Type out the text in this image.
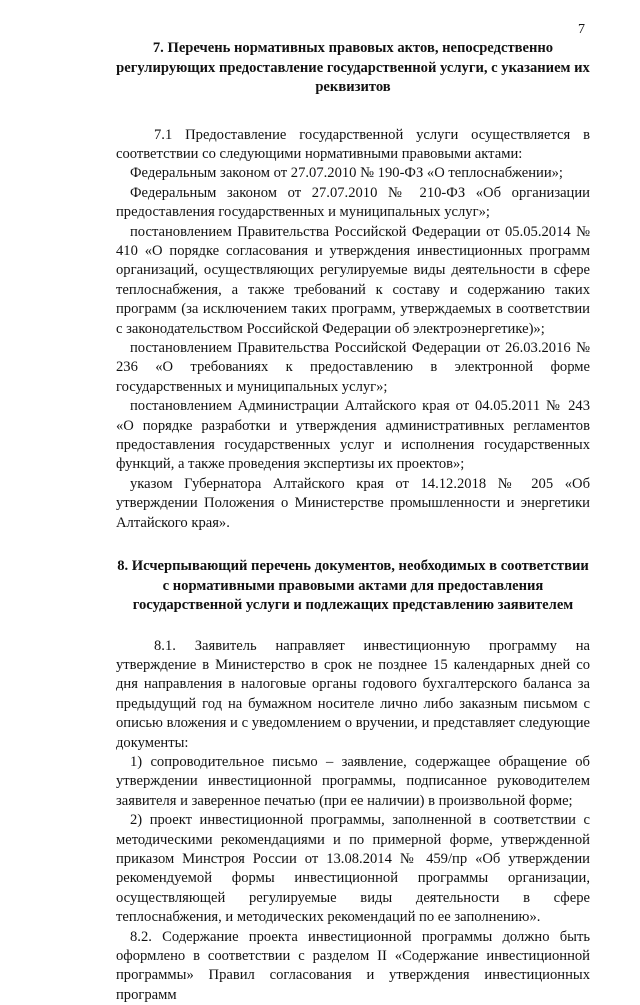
7
7. Перечень нормативных правовых актов, непосредственно регулирующих предоставление государственной услуги, с указанием их реквизитов

7.1 Предоставление государственной услуги осуществляется в соответствии со следующими нормативными правовыми актами:

Федеральным законом от 27.07.2010 № 190-ФЗ «О теплоснабжении»;

Федеральным законом от 27.07.2010 № 210-ФЗ «Об организации предоставления государственных и муниципальных услуг»;

постановлением Правительства Российской Федерации от 05.05.2014 № 410 «О порядке согласования и утверждения инвестиционных программ организаций, осуществляющих регулируемые виды деятельности в сфере теплоснабжения, а также требований к составу и содержанию таких программ (за исключением таких программ, утверждаемых в соответствии с законодательством Российской Федерации об электроэнергетике)»;

постановлением Правительства Российской Федерации от 26.03.2016 № 236 «О требованиях к предоставлению в электронной форме государственных и муниципальных услуг»;

постановлением Администрации Алтайского края от 04.05.2011 № 243 «О порядке разработки и утверждения административных регламентов предоставления государственных услуг и исполнения государственных функций, а также проведения экспертизы их проектов»;

указом Губернатора Алтайского края от 14.12.2018 № 205 «Об утверждении Положения о Министерстве промышленности и энергетики Алтайского края».

8. Исчерпывающий перечень документов, необходимых в соответствии с нормативными правовыми актами для предоставления государственной услуги и подлежащих представлению заявителем

8.1. Заявитель направляет инвестиционную программу на утверждение в Министерство в срок не позднее 15 календарных дней со дня направления в налоговые органы годового бухгалтерского баланса за предыдущий год на бумажном носителе лично либо заказным письмом с описью вложения и с уведомлением о вручении, и представляет следующие документы:

1) сопроводительное письмо – заявление, содержащее обращение об утверждении инвестиционной программы, подписанное руководителем заявителя и заверенное печатью (при ее наличии) в произвольной форме;

2) проект инвестиционной программы, заполненной в соответствии с методическими рекомендациями и по примерной форме, утвержденной приказом Минстроя России от 13.08.2014 № 459/пр «Об утверждении рекомендуемой формы инвестиционной программы организации, осуществляющей регулируемые виды деятельности в сфере теплоснабжения, и методических рекомендаций по ее заполнению».

8.2. Содержание проекта инвестиционной программы должно быть оформлено в соответствии с разделом II «Содержание инвестиционной программы» Правил согласования и утверждения инвестиционных программ
